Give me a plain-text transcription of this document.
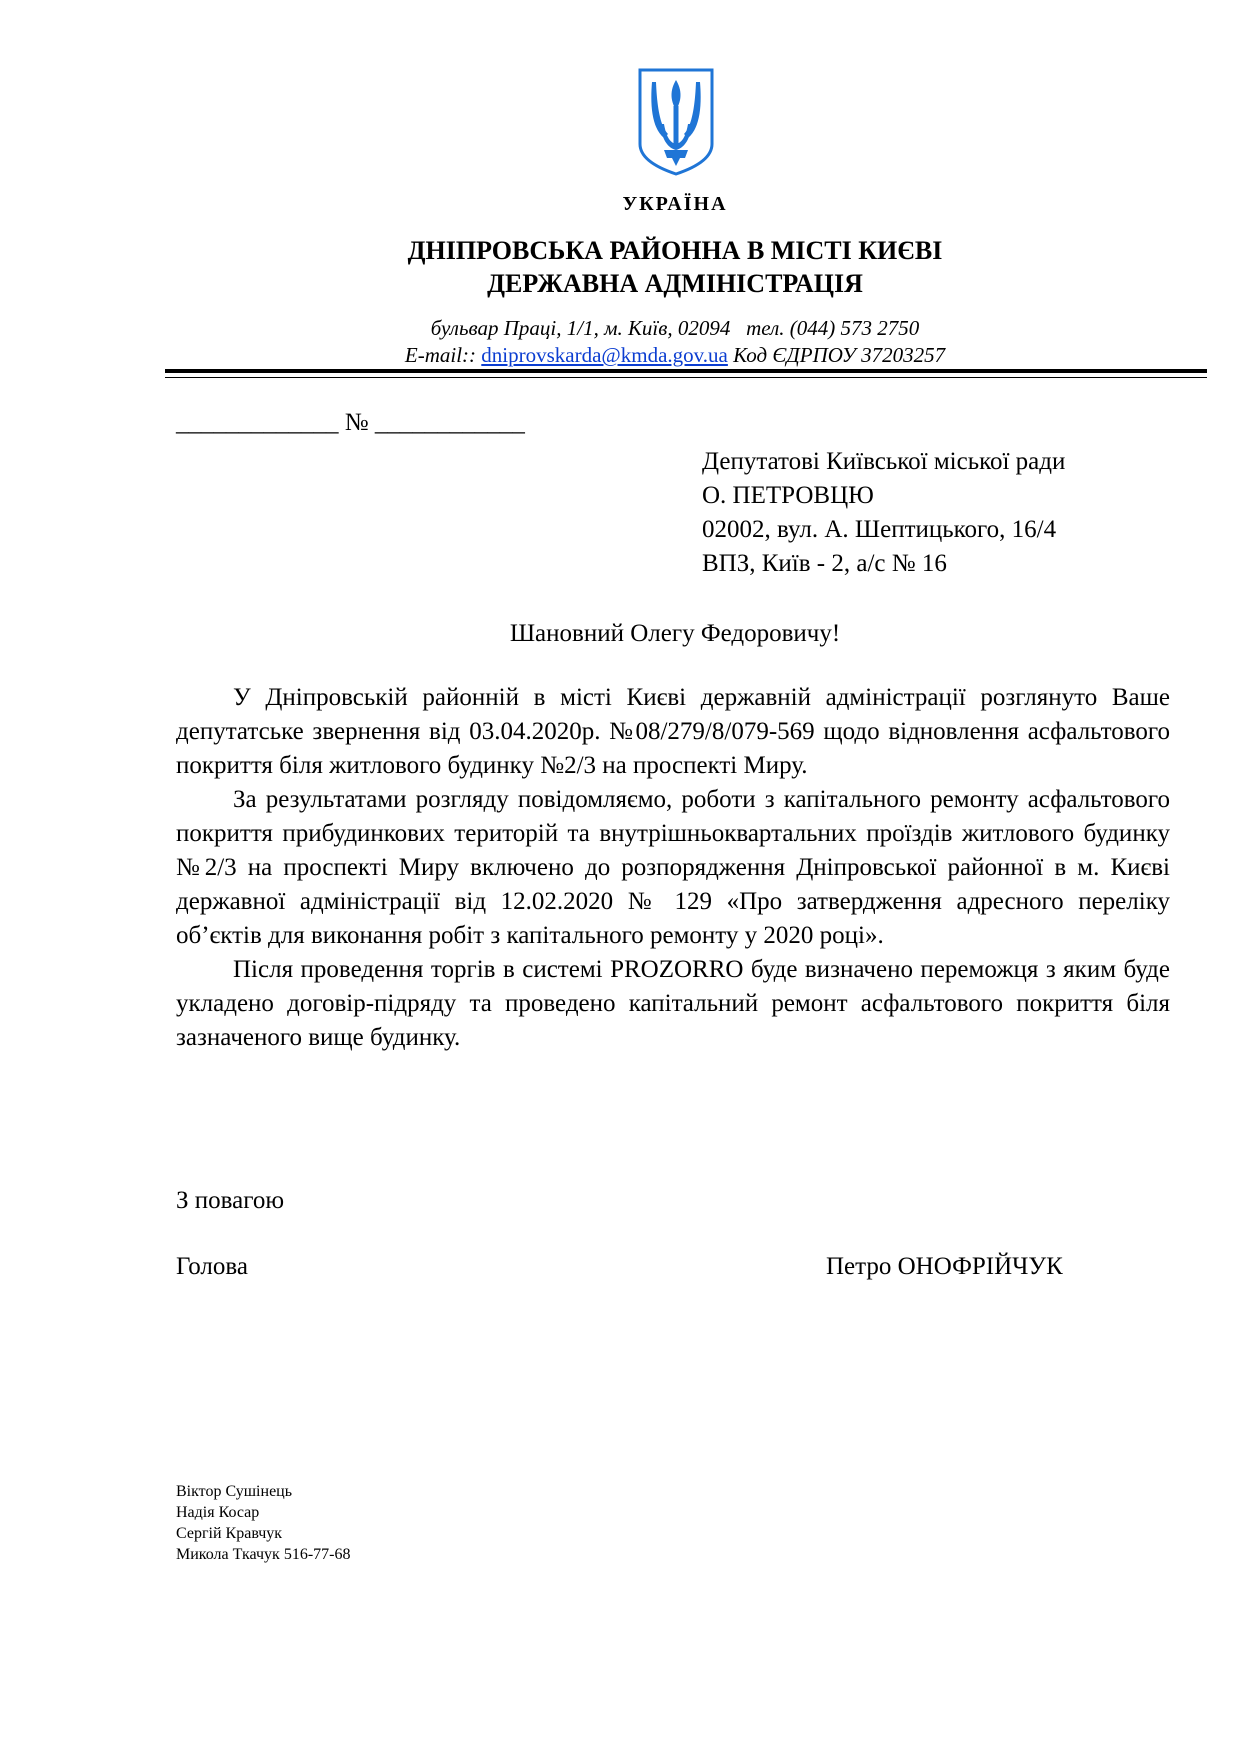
УКРАЇНА
ДНІПРОВСЬКА РАЙОННА В МІСТІ КИЄВІ
ДЕРЖАВНА АДМІНІСТРАЦІЯ
бульвар Праці, 1/1, м. Київ, 02094   тел. (044) 573 2750
E-mail:: dniprovskarda@kmda.gov.ua Код ЄДРПОУ 37203257
_____________ № ____________
Депутатові Київської міської ради
О. ПЕТРОВЦЮ
02002, вул. А. Шептицького, 16/4
ВПЗ, Київ - 2, а/с № 16
Шановний Олегу Федоровичу!

У Дніпровській районній в місті Києві державній адміністрації розглянуто Ваше депутатське звернення від 03.04.2020р. №08/279/8/079-569 щодо відновлення асфальтового покриття біля житлового будинку №2/3 на проспекті Миру.

За результатами розгляду повідомляємо, роботи з капітального ремонту асфальтового покриття прибудинкових територій та внутрішньоквартальних проїздів житлового будинку №2/3 на проспекті Миру включено до розпорядження Дніпровської районної в м. Києві державної адміністрації від 12.02.2020 № 129 «Про затвердження адресного переліку об’єктів для виконання робіт з капітального ремонту у 2020 році».

Після проведення торгів в системі PROZORRO буде визначено переможця з яким буде укладено договір-підряду та проведено капітальний ремонт асфальтового покриття біля зазначеного вище будинку.

З повагою
Голова	Петро ОНОФРІЙЧУК
Віктор Сушінець
Надія Косар
Сергій Кравчук
Микола Ткачук 516-77-68
